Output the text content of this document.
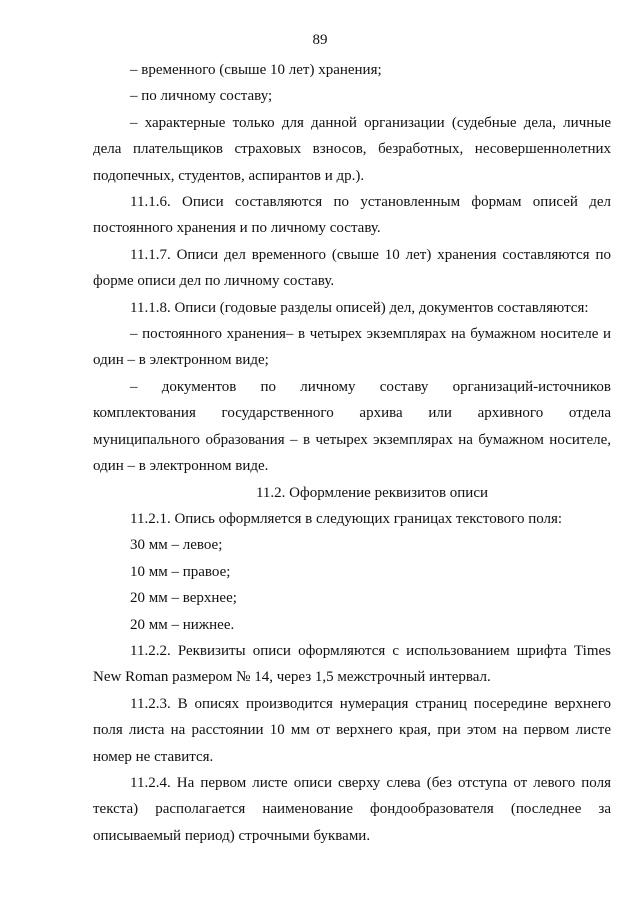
89

– временного (свыше 10 лет) хранения;

– по личному составу;

– характерные только для данной организации (судебные дела, личные дела плательщиков страховых взносов, безработных, несовершеннолетних подопечных, студентов, аспирантов и др.).

11.1.6. Описи составляются по установленным формам описей дел постоянного хранения и по личному составу.

11.1.7. Описи дел временного (свыше 10 лет) хранения составляются по форме описи дел по личному составу.

11.1.8. Описи (годовые разделы описей) дел, документов составляются:

– постоянного хранения– в четырех экземплярах на бумажном носителе и один – в электронном виде;

– документов по личному составу организаций-источников комплектования государственного архива или архивного отдела муниципального образования – в четырех экземплярах на бумажном носителе, один – в электронном виде.

11.2. Оформление реквизитов описи

11.2.1. Опись оформляется в следующих границах текстового поля:

30 мм – левое;

10 мм – правое;

20 мм – верхнее;

20 мм – нижнее.

11.2.2. Реквизиты описи оформляются с использованием шрифта Times New Roman размером № 14, через 1,5 межстрочный интервал.

11.2.3. В описях производится нумерация страниц посередине верхнего поля листа на расстоянии 10 мм от верхнего края, при этом на первом листе номер не ставится.

11.2.4. На первом листе описи сверху слева (без отступа от левого поля текста) располагается наименование фондообразователя (последнее за описываемый период) строчными буквами.
